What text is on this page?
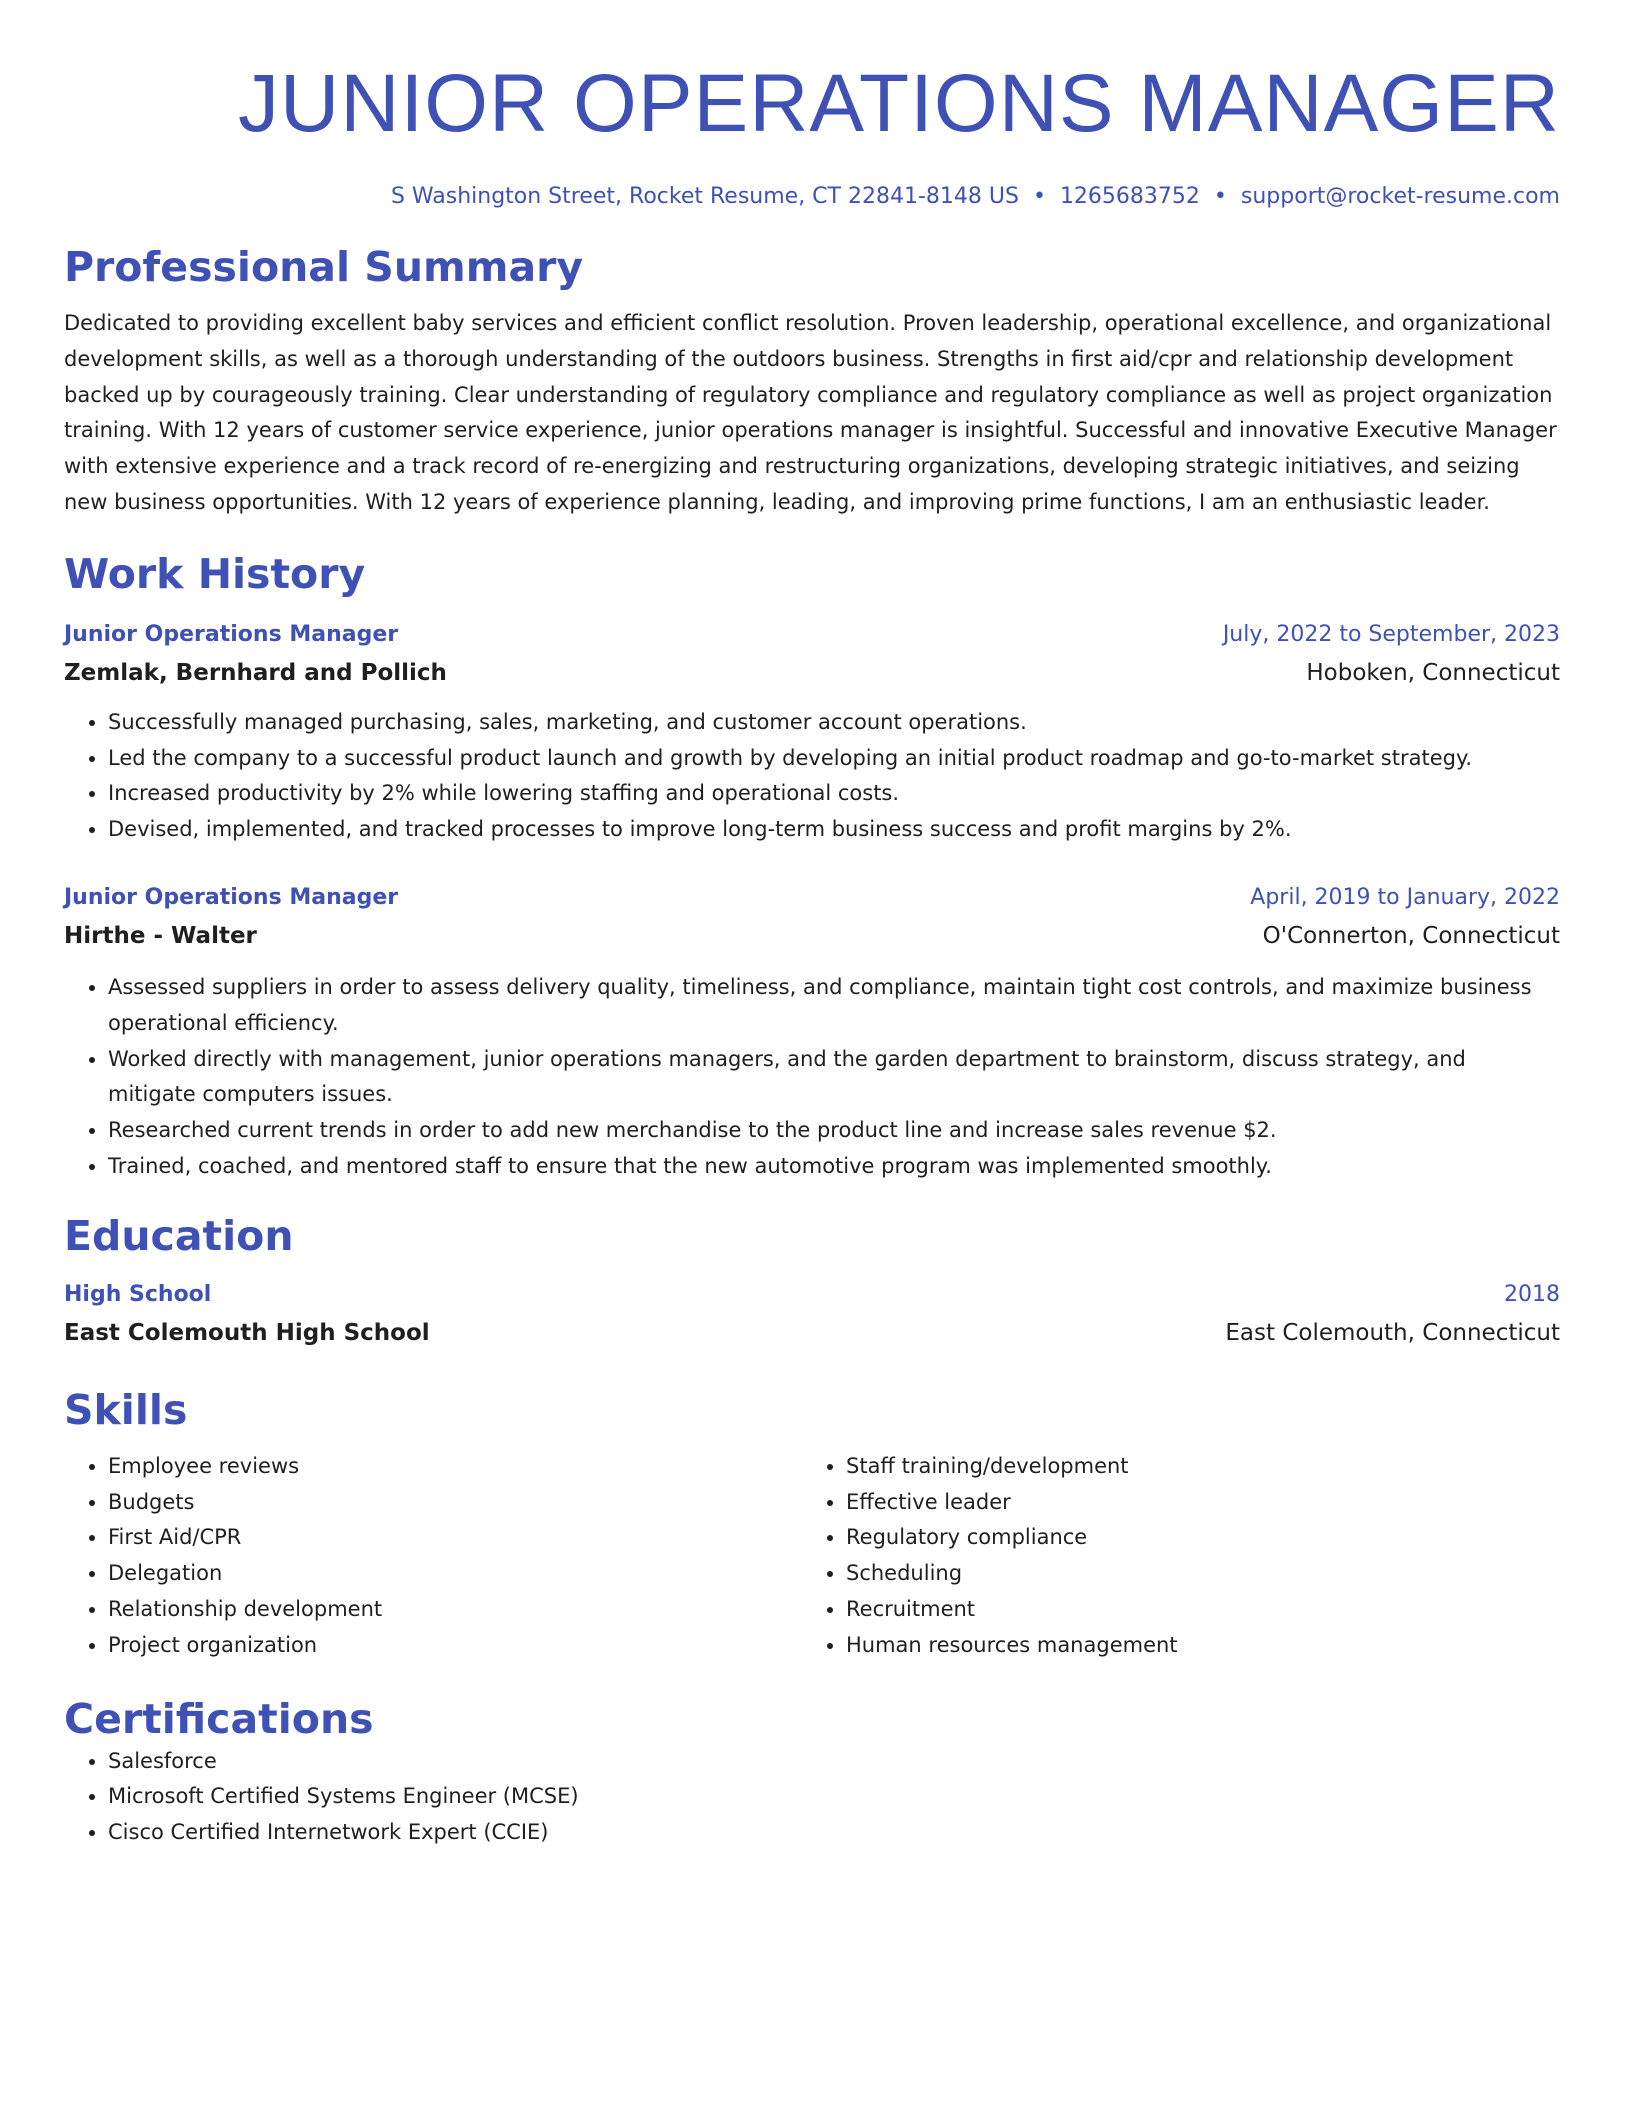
JUNIOR OPERATIONS MANAGER
S Washington Street, Rocket Resume, CT 22841-8148 US • 1265683752 • support@rocket-resume.com
Professional Summary
Dedicated to providing excellent baby services and efficient conflict resolution. Proven leadership, operational excellence, and organizational development skills, as well as a thorough understanding of the outdoors business. Strengths in first aid/cpr and relationship development backed up by courageously training. Clear understanding of regulatory compliance and regulatory compliance as well as project organization training. With 12 years of customer service experience, junior operations manager is insightful. Successful and innovative Executive Manager with extensive experience and a track record of re-energizing and restructuring organizations, developing strategic initiatives, and seizing new business opportunities. With 12 years of experience planning, leading, and improving prime functions, I am an enthusiastic leader.
Work History
Junior Operations Manager	July, 2022 to September, 2023
Zemlak, Bernhard and Pollich	Hoboken, Connecticut
• Successfully managed purchasing, sales, marketing, and customer account operations.
• Led the company to a successful product launch and growth by developing an initial product roadmap and go-to-market strategy.
• Increased productivity by 2% while lowering staffing and operational costs.
• Devised, implemented, and tracked processes to improve long-term business success and profit margins by 2%.
Junior Operations Manager	April, 2019 to January, 2022
Hirthe - Walter	O'Connerton, Connecticut
• Assessed suppliers in order to assess delivery quality, timeliness, and compliance, maintain tight cost controls, and maximize business operational efficiency.
• Worked directly with management, junior operations managers, and the garden department to brainstorm, discuss strategy, and mitigate computers issues.
• Researched current trends in order to add new merchandise to the product line and increase sales revenue $2.
• Trained, coached, and mentored staff to ensure that the new automotive program was implemented smoothly.
Education
High School	2018
East Colemouth High School	East Colemouth, Connecticut
Skills
• Employee reviews
• Budgets
• First Aid/CPR
• Delegation
• Relationship development
• Project organization
• Staff training/development
• Effective leader
• Regulatory compliance
• Scheduling
• Recruitment
• Human resources management
Certifications
• Salesforce
• Microsoft Certified Systems Engineer (MCSE)
• Cisco Certified Internetwork Expert (CCIE)
